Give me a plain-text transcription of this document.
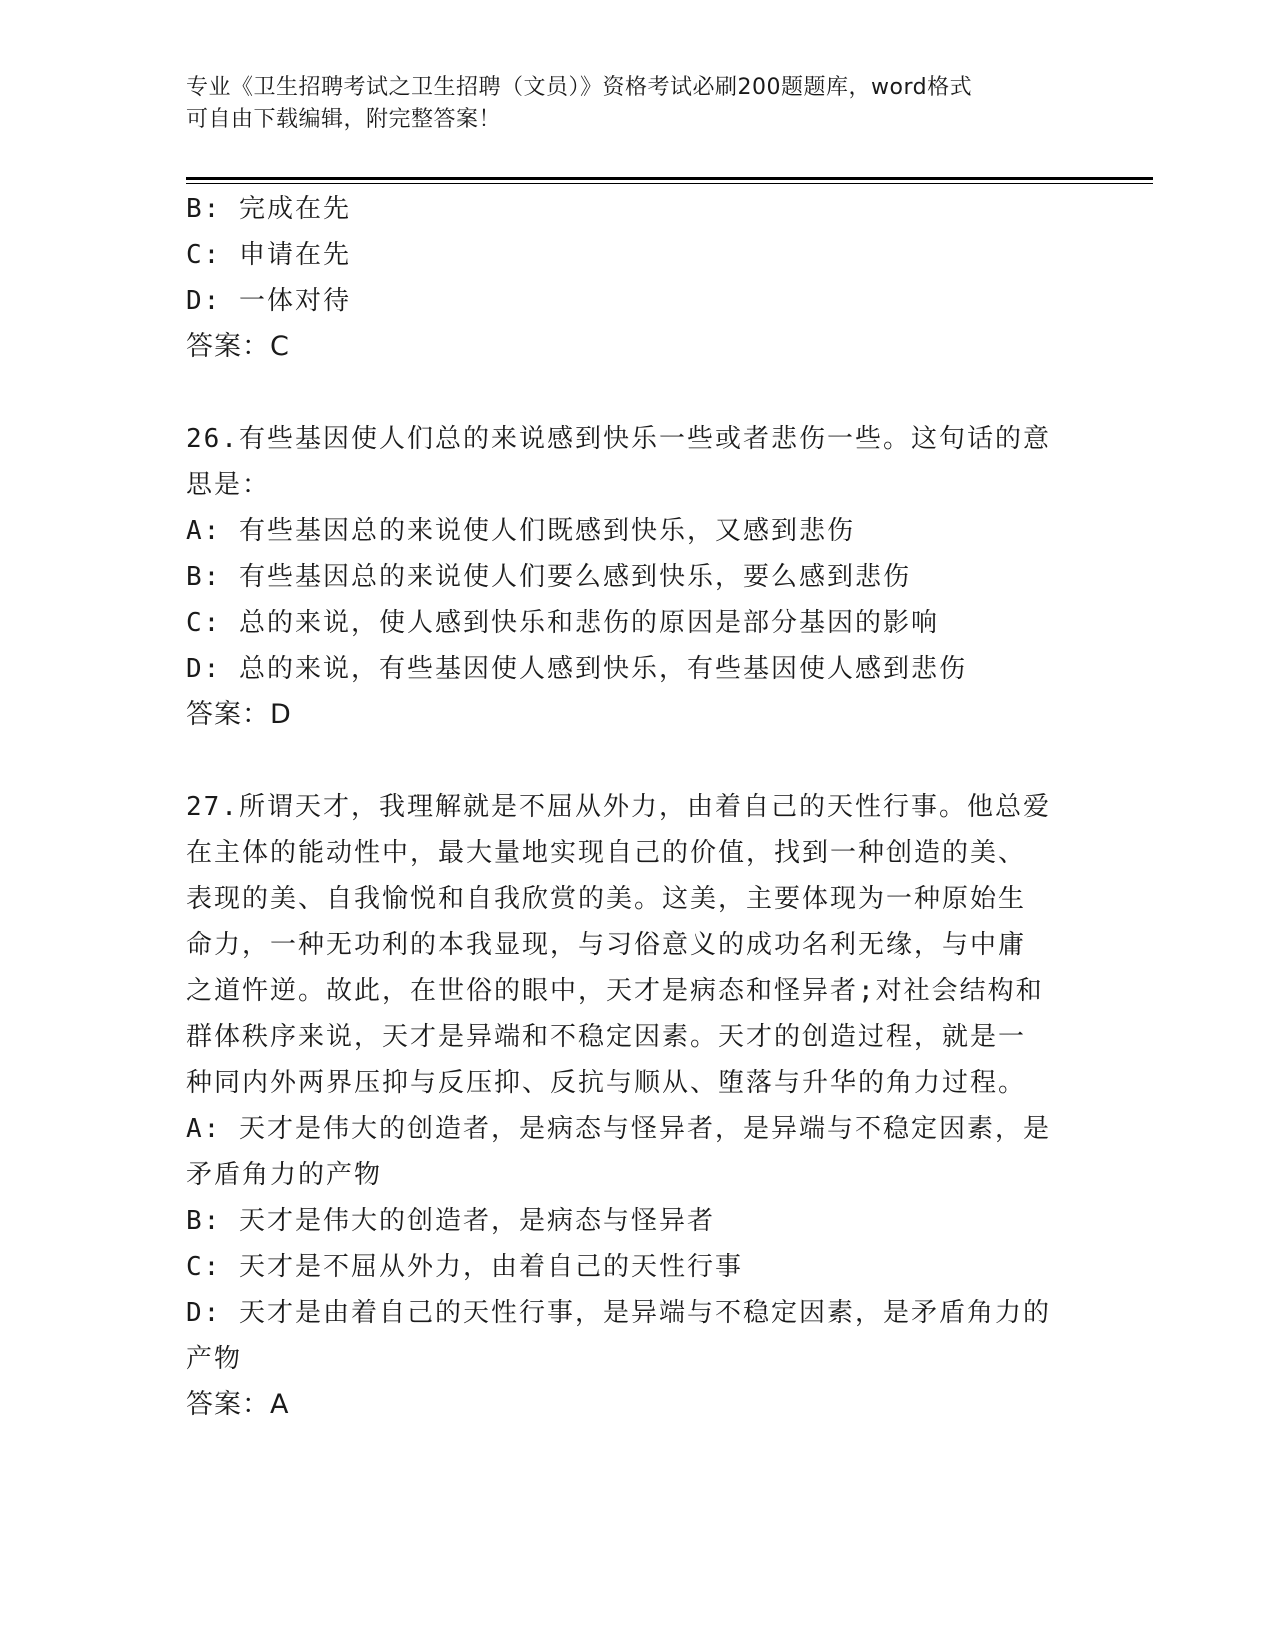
专业《卫生招聘考试之卫生招聘（文员）》资格考试必刷200题题库，word格式
可自由下载编辑，附完整答案！
B: 完成在先
C: 申请在先
D: 一体对待
答案：C
26.有些基因使人们总的来说感到快乐一些或者悲伤一些。这句话的意
思是：
A: 有些基因总的来说使人们既感到快乐，又感到悲伤
B: 有些基因总的来说使人们要么感到快乐，要么感到悲伤
C: 总的来说，使人感到快乐和悲伤的原因是部分基因的影响
D: 总的来说，有些基因使人感到快乐，有些基因使人感到悲伤
答案：D
27.所谓天才，我理解就是不屈从外力，由着自己的天性行事。他总爱
在主体的能动性中，最大量地实现自己的价值，找到一种创造的美、
表现的美、自我愉悦和自我欣赏的美。这美，主要体现为一种原始生
命力，一种无功利的本我显现，与习俗意义的成功名利无缘，与中庸
之道忤逆。故此，在世俗的眼中，天才是病态和怪异者;对社会结构和
群体秩序来说，天才是异端和不稳定因素。天才的创造过程，就是一
种同内外两界压抑与反压抑、反抗与顺从、堕落与升华的角力过程。
A: 天才是伟大的创造者，是病态与怪异者，是异端与不稳定因素，是
矛盾角力的产物
B: 天才是伟大的创造者，是病态与怪异者
C: 天才是不屈从外力，由着自己的天性行事
D: 天才是由着自己的天性行事，是异端与不稳定因素，是矛盾角力的
产物
答案：A
